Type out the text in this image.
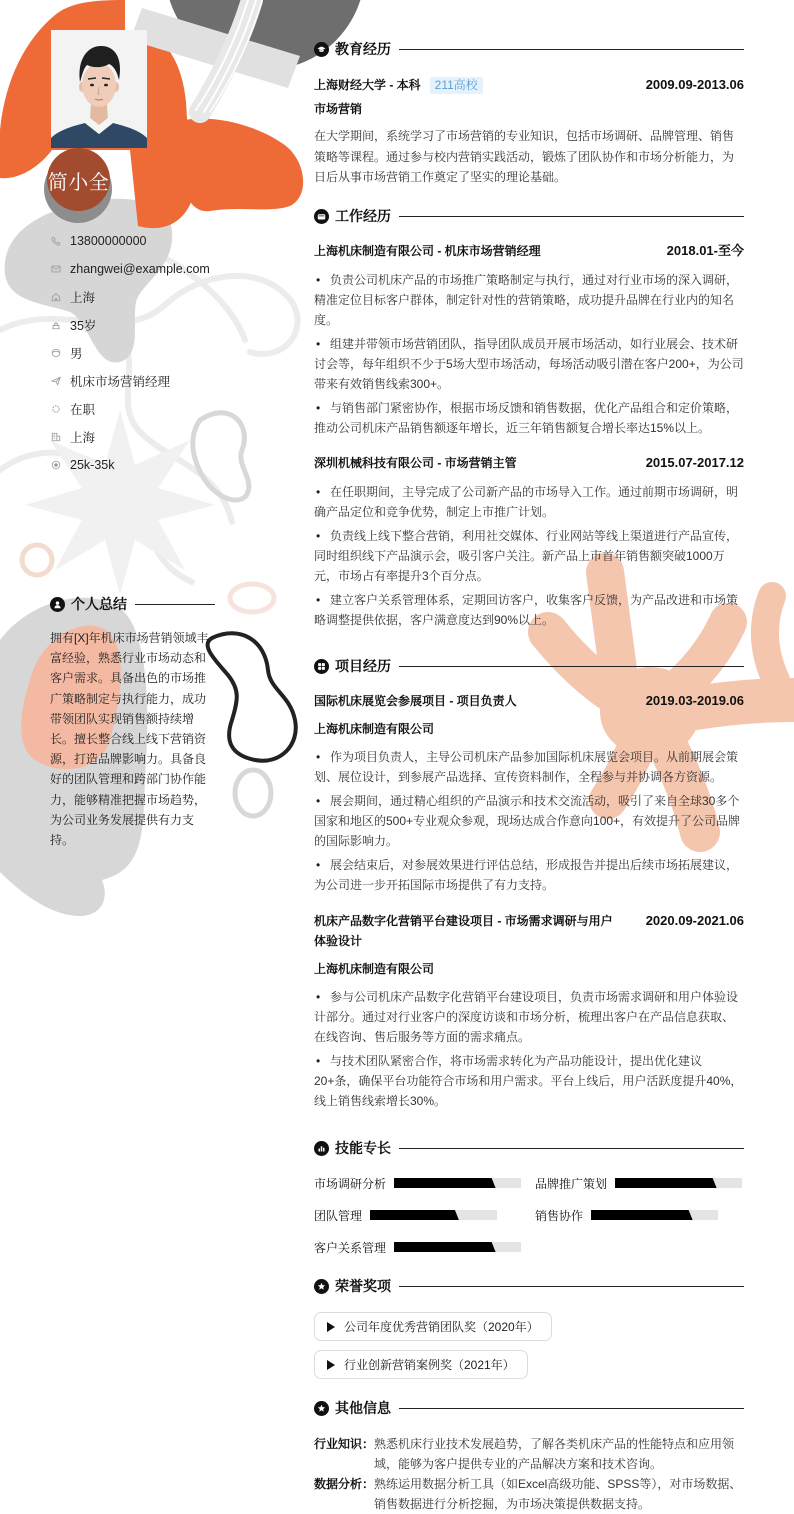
简小全
13800000000
zhangwei@example.com
上海
35岁
男
机床市场营销经理
在职
上海
25k-35k
个人总结
拥有[X]年机床市场营销领域丰富经验，熟悉行业市场动态和客户需求。具备出色的市场推广策略制定与执行能力，成功带领团队实现销售额持续增长。擅长整合线上线下营销资源，打造品牌影响力。具备良好的团队管理和跨部门协作能力，能够精准把握市场趋势，为公司业务发展提供有力支持。
教育经历
上海财经大学 - 本科 211高校	2009.09-2013.06
市场营销
在大学期间，系统学习了市场营销的专业知识，包括市场调研、品牌管理、销售策略等课程。通过参与校内营销实践活动，锻炼了团队协作和市场分析能力，为日后从事市场营销工作奠定了坚实的理论基础。
工作经历
上海机床制造有限公司 - 机床市场营销经理	2018.01-至今
• 负责公司机床产品的市场推广策略制定与执行，通过对行业市场的深入调研，精准定位目标客户群体，制定针对性的营销策略，成功提升品牌在行业内的知名度。
• 组建并带领市场营销团队，指导团队成员开展市场活动，如行业展会、技术研讨会等，每年组织不少于5场大型市场活动，每场活动吸引潜在客户200+，为公司带来有效销售线索300+。
• 与销售部门紧密协作，根据市场反馈和销售数据，优化产品组合和定价策略，推动公司机床产品销售额逐年增长，近三年销售额复合增长率达15%以上。
深圳机械科技有限公司 - 市场营销主管	2015.07-2017.12
• 在任职期间，主导完成了公司新产品的市场导入工作。通过前期市场调研，明确产品定位和竞争优势，制定上市推广计划。
• 负责线上线下整合营销，利用社交媒体、行业网站等线上渠道进行产品宣传，同时组织线下产品演示会，吸引客户关注。新产品上市首年销售额突破1000万元，市场占有率提升3个百分点。
• 建立客户关系管理体系，定期回访客户，收集客户反馈，为产品改进和市场策略调整提供依据，客户满意度达到90%以上。
项目经历
国际机床展览会参展项目 - 项目负责人	2019.03-2019.06
上海机床制造有限公司
• 作为项目负责人，主导公司机床产品参加国际机床展览会项目。从前期展会策划、展位设计，到参展产品选择、宣传资料制作，全程参与并协调各方资源。
• 展会期间，通过精心组织的产品演示和技术交流活动，吸引了来自全球30多个国家和地区的500+专业观众参观，现场达成合作意向100+，有效提升了公司品牌的国际影响力。
• 展会结束后，对参展效果进行评估总结，形成报告并提出后续市场拓展建议，为公司进一步开拓国际市场提供了有力支持。
机床产品数字化营销平台建设项目 - 市场需求调研与用户体验设计
2020.09-2021.06
上海机床制造有限公司
• 参与公司机床产品数字化营销平台建设项目，负责市场需求调研和用户体验设计部分。通过对行业客户的深度访谈和市场分析，梳理出客户在产品信息获取、在线咨询、售后服务等方面的需求痛点。
• 与技术团队紧密合作，将市场需求转化为产品功能设计，提出优化建议20+条，确保平台功能符合市场和用户需求。平台上线后，用户活跃度提升40%，线上销售线索增长30%。
技能专长
市场调研分析	品牌推广策划
团队管理	销售协作
客户关系管理
荣誉奖项
公司年度优秀营销团队奖（2020年）
行业创新营销案例奖（2021年）
其他信息
行业知识： 熟悉机床行业技术发展趋势，了解各类机床产品的性能特点和应用领域，能够为客户提供专业的产品解决方案和技术咨询。
数据分析： 熟练运用数据分析工具（如Excel高级功能、SPSS等），对市场数据、销售数据进行分析挖掘，为市场决策提供数据支持。
